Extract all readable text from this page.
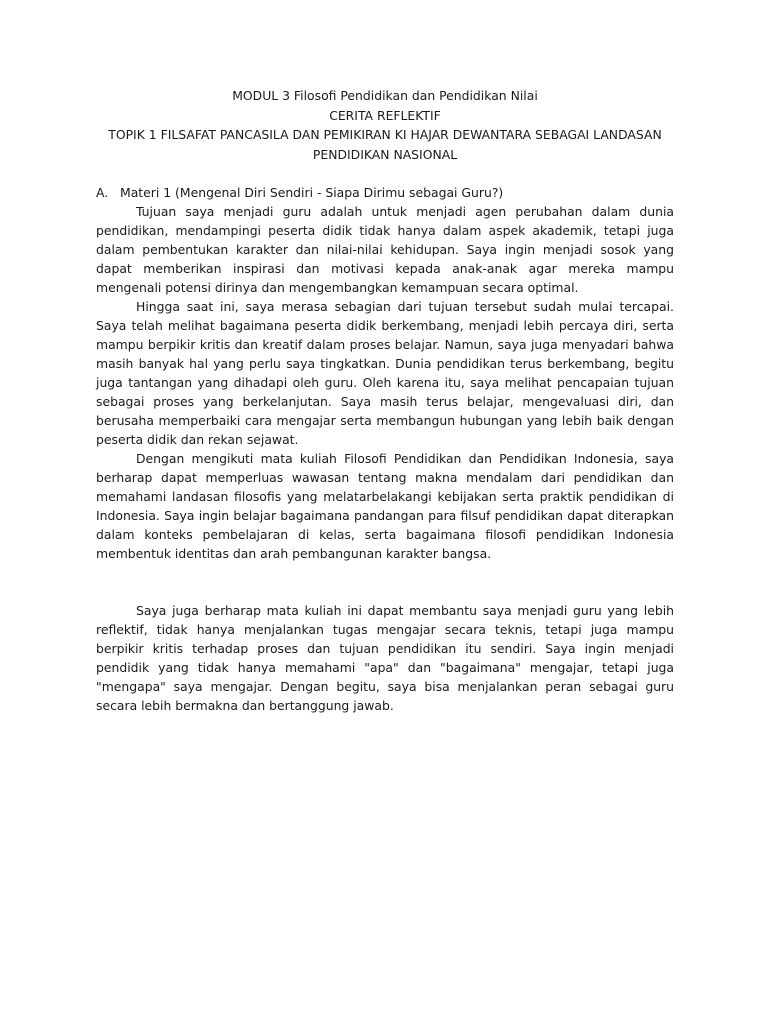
MODUL 3 Filosofi Pendidikan dan Pendidikan Nilai

CERITA REFLEKTIF

TOPIK 1 FILSAFAT PANCASILA DAN PEMIKIRAN KI HAJAR DEWANTARA SEBAGAI LANDASAN PENDIDIKAN NASIONAL

A. Materi 1 (Mengenal Diri Sendiri - Siapa Dirimu sebagai Guru?)

Tujuan saya menjadi guru adalah untuk menjadi agen perubahan dalam dunia pendidikan, mendampingi peserta didik tidak hanya dalam aspek akademik, tetapi juga dalam pembentukan karakter dan nilai-nilai kehidupan. Saya ingin menjadi sosok yang dapat memberikan inspirasi dan motivasi kepada anak-anak agar mereka mampu mengenali potensi dirinya dan mengembangkan kemampuan secara optimal.

Hingga saat ini, saya merasa sebagian dari tujuan tersebut sudah mulai tercapai. Saya telah melihat bagaimana peserta didik berkembang, menjadi lebih percaya diri, serta mampu berpikir kritis dan kreatif dalam proses belajar. Namun, saya juga menyadari bahwa masih banyak hal yang perlu saya tingkatkan. Dunia pendidikan terus berkembang, begitu juga tantangan yang dihadapi oleh guru. Oleh karena itu, saya melihat pencapaian tujuan sebagai proses yang berkelanjutan. Saya masih terus belajar, mengevaluasi diri, dan berusaha memperbaiki cara mengajar serta membangun hubungan yang lebih baik dengan peserta didik dan rekan sejawat.

Dengan mengikuti mata kuliah Filosofi Pendidikan dan Pendidikan Indonesia, saya berharap dapat memperluas wawasan tentang makna mendalam dari pendidikan dan memahami landasan filosofis yang melatarbelakangi kebijakan serta praktik pendidikan di Indonesia. Saya ingin belajar bagaimana pandangan para filsuf pendidikan dapat diterapkan dalam konteks pembelajaran di kelas, serta bagaimana filosofi pendidikan Indonesia membentuk identitas dan arah pembangunan karakter bangsa.

Saya juga berharap mata kuliah ini dapat membantu saya menjadi guru yang lebih reflektif, tidak hanya menjalankan tugas mengajar secara teknis, tetapi juga mampu berpikir kritis terhadap proses dan tujuan pendidikan itu sendiri. Saya ingin menjadi pendidik yang tidak hanya memahami "apa" dan "bagaimana" mengajar, tetapi juga "mengapa" saya mengajar. Dengan begitu, saya bisa menjalankan peran sebagai guru secara lebih bermakna dan bertanggung jawab.
